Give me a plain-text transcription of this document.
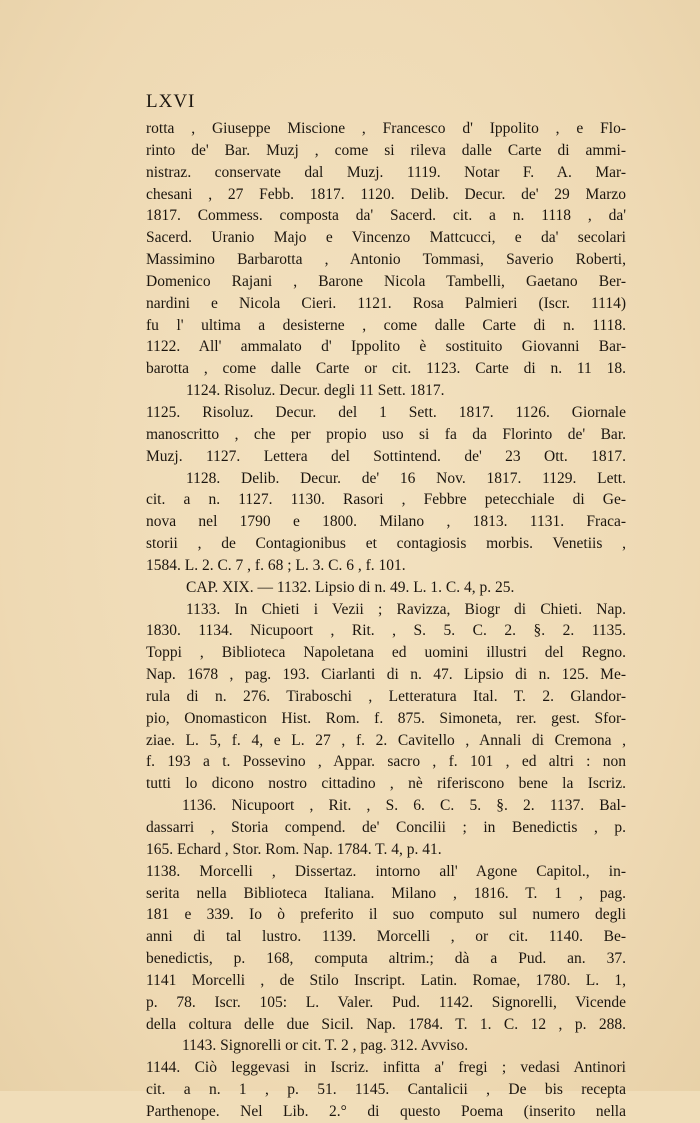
LXVI

rotta , Giuseppe Miscione , Francesco d' Ippolito , e Flo-
rinto de' Bar. Muzj , come si rileva dalle Carte di ammi-
nistraz. conservate dal Muzj. 1119. Notar F. A. Mar-
chesani , 27 Febb. 1817. 1120. Delib. Decur. de' 29 Marzo
1817. Commess. composta da' Sacerd. cit. a n. 1118 , da'
Sacerd. Uranio Majo e Vincenzo Mattcucci, e da' secolari
Massimino Barbarotta , Antonio Tommasi, Saverio Roberti,
Domenico Rajani , Barone Nicola Tambelli, Gaetano Ber-
nardini e Nicola Cieri. 1121. Rosa Palmieri (Iscr. 1114)
fu l' ultima a desisterne , come dalle Carte di n. 1118.
1122. All' ammalato d' Ippolito è sostituito Giovanni Bar-
barotta , come dalle Carte or cit. 1123. Carte di n. 11 18.
1124. Risoluz. Decur. degli 11 Sett. 1817.
1125. Risoluz. Decur. del 1 Sett. 1817. 1126. Giornale
manoscritto , che per propio uso si fa da Florinto de' Bar.
Muzj. 1127. Lettera del Sottintend. de' 23 Ott. 1817.
1128. Delib. Decur. de' 16 Nov. 1817. 1129. Lett.
cit. a n. 1127. 1130. Rasori , Febbre petecchiale di Ge-
nova nel 1790 e 1800. Milano , 1813. 1131. Fraca-
storii , de Contagionibus et contagiosis morbis. Venetiis ,
1584. L. 2. C. 7 , f. 68 ; L. 3. C. 6 , f. 101.
CAP. XIX. — 1132. Lipsio di n. 49. L. 1. C. 4, p. 25.
1133. In Chieti i Vezii ; Ravizza, Biogr di Chieti. Nap.
1830. 1134. Nicupoort , Rit. , S. 5. C. 2. §. 2. 1135.
Toppi , Biblioteca Napoletana ed uomini illustri del Regno.
Nap. 1678 , pag. 193. Ciarlanti di n. 47. Lipsio di n. 125. Me-
rula di n. 276. Tiraboschi , Letteratura Ital. T. 2. Glandor-
pio, Onomasticon Hist. Rom. f. 875. Simoneta, rer. gest. Sfor-
ziae. L. 5, f. 4, e L. 27 , f. 2. Cavitello , Annali di Cremona ,
f. 193 a t. Possevino , Appar. sacro , f. 101 , ed altri : non
tutti lo dicono nostro cittadino , nè riferiscono bene la Iscriz.
1136. Nicupoort , Rit. , S. 6. C. 5. §. 2. 1137. Bal-
dassarri , Storia compend. de' Concilii ; in Benedictis , p.
165. Echard , Stor. Rom. Nap. 1784. T. 4, p. 41.
1138. Morcelli , Dissertaz. intorno all' Agone Capitol., in-
serita nella Biblioteca Italiana. Milano , 1816. T. 1 , pag.
181 e 339. Io ò preferito il suo computo sul numero degli
anni di tal lustro. 1139. Morcelli , or cit. 1140. Be-
benedictis, p. 168, computa altrim.; dà a Pud. an. 37.
1141 Morcelli , de Stilo Inscript. Latin. Romae, 1780. L. 1,
p. 78. Iscr. 105: L. Valer. Pud. 1142. Signorelli, Vicende
della coltura delle due Sicil. Nap. 1784. T. 1. C. 12 , p. 288.
1143. Signorelli or cit. T. 2 , pag. 312. Avviso.
1144. Ciò leggevasi in Iscriz. infitta a' fregi ; vedasi Antinori
cit. a n. 1 , p. 51. 1145. Cantalicii , De bis recepta
Parthenope. Nel Lib. 2.° di questo Poema (inserito nella
